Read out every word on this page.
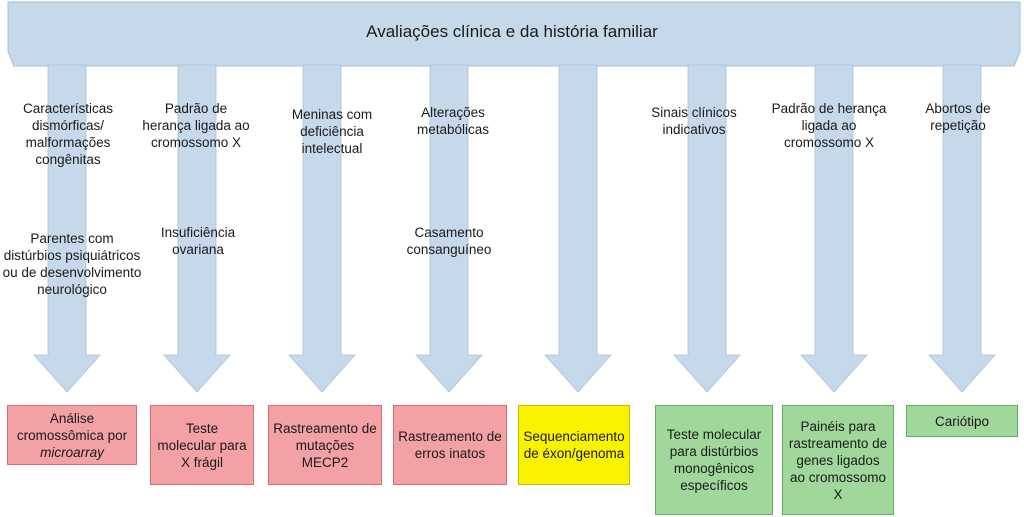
Avaliações clínica e da história familiar
Características dismórficas/ malformações congênitas
Parentes com distúrbios psiquiátricos ou de desenvolvimento neurológico
Análise cromossômica por microarray
Padrão de herança ligada ao cromossomo X
Insuficiência ovariana
Teste molecular para X frágil
Meninas com deficiência intelectual
Rastreamento de mutações MECP2
Alterações metabólicas
Casamento consanguíneo
Rastreamento de erros inatos
Sequenciamento de éxon/genoma
Sinais clínicos indicativos
Teste molecular para distúrbios monogênicos específicos
Padrão de herança ligada ao cromossomo X
Painéis para rastreamento de genes ligados ao cromossomo X
Abortos de repetição
Cariótipo
